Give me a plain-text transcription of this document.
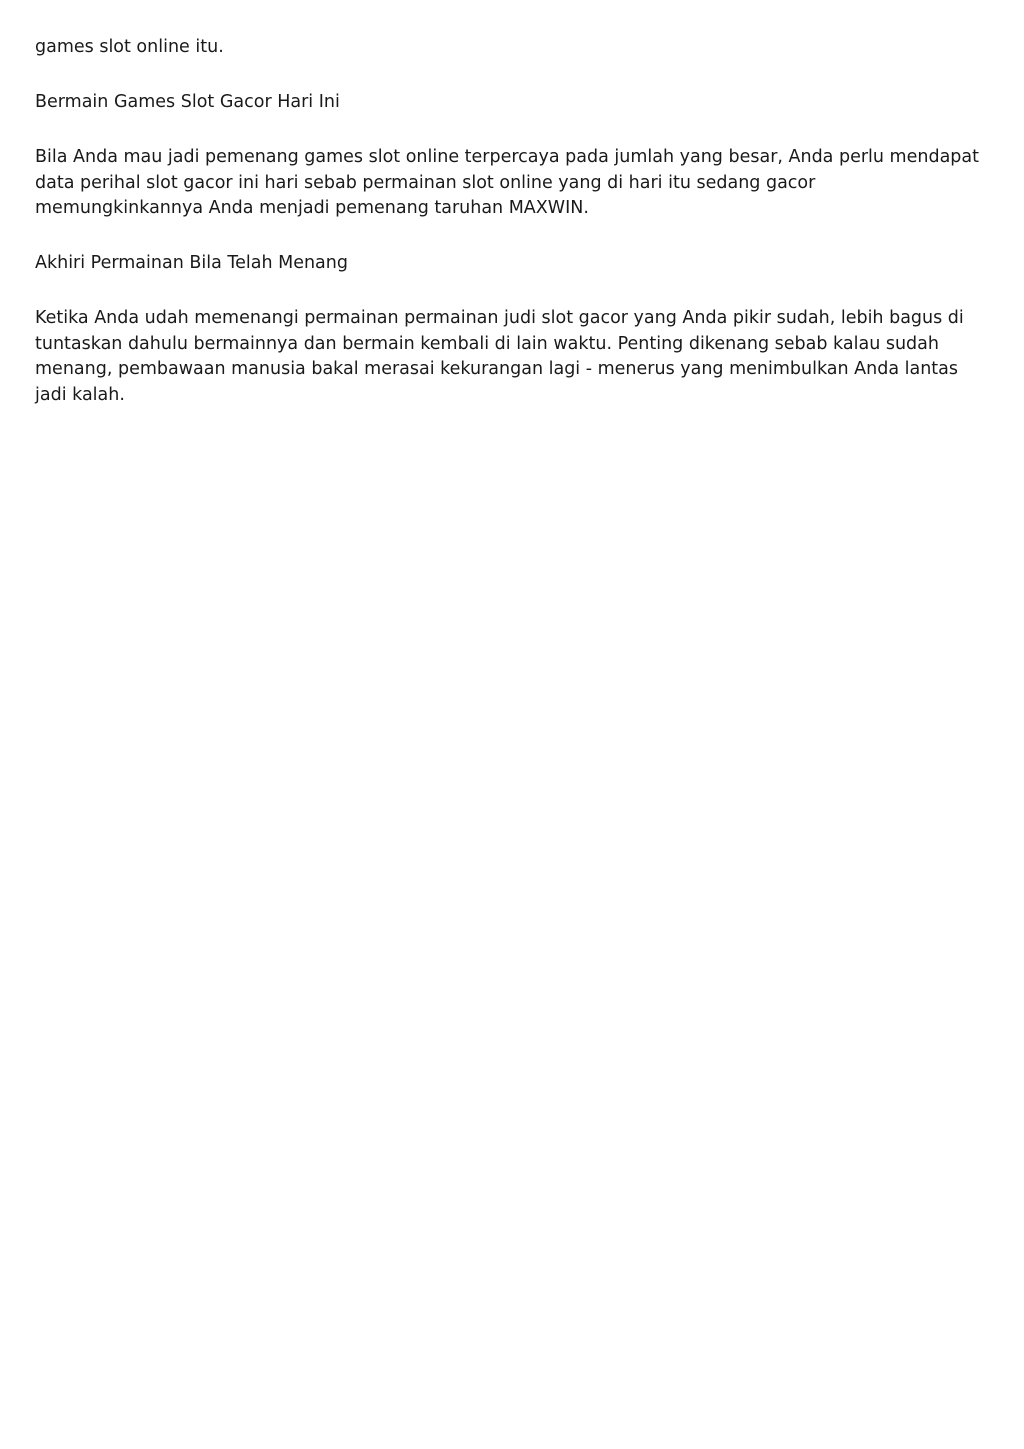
games slot online itu.

Bermain Games Slot Gacor Hari Ini

Bila Anda mau jadi pemenang games slot online terpercaya pada jumlah yang besar, Anda perlu mendapat data perihal slot gacor ini hari sebab permainan slot online yang di hari itu sedang gacor memungkinkannya Anda menjadi pemenang taruhan MAXWIN.

Akhiri Permainan Bila Telah Menang

Ketika Anda udah memenangi permainan permainan judi slot gacor yang Anda pikir sudah, lebih bagus di tuntaskan dahulu bermainnya dan bermain kembali di lain waktu. Penting dikenang sebab kalau sudah menang, pembawaan manusia bakal merasai kekurangan lagi - menerus yang menimbulkan Anda lantas jadi kalah.
